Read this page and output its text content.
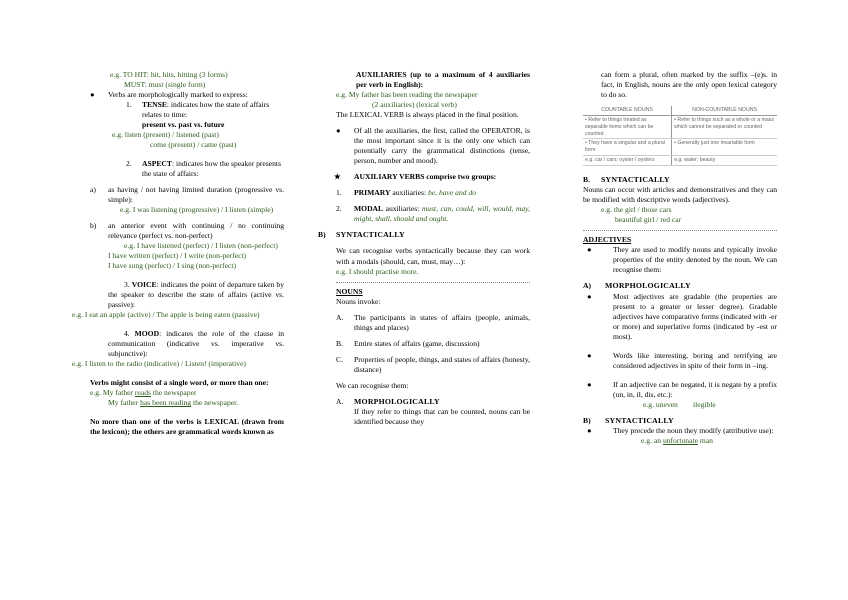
e.g. TO HIT: hit, hits, hitting (3 forms)
MUST: must (single form)
● Verbs are morphologically marked to express:
1. TENSE: indicates how the state of affairs relates to time:
present vs. past vs. future
e.g. listen (present) / listened (past)
come (present) / came (past)
2. ASPECT: indicates how the speaker presents the state of affairs:
a) as having / not having limited duration (progressive vs. simple):
e.g. I was listening (progressive) / I listen (simple)
b) an anterior event with continuing / no continuing relevance (perfect vs. non-perfect)
e.g. I have listened (perfect) / I listen (non-perfect)
I have written (perfect) / I write (non-perfect)
I have sung (perfect) / I sing (non-perfect)
3. VOICE: indicates the point of departure taken by the speaker to describe the state of affairs (active vs. passive):
e.g. I eat an apple (active) / The apple is being eaten (passive)
4. MOOD: indicates the role of the clause in communication (indicative vs. imperative vs. subjunctive):
e.g. I listen to the radio (indicative) / Listen! (imperative)
Verbs might consist of a single word, or more than one:
e.g. My father reads the newspaper
My father has been reading the newspaper.
No more than one of the verbs is LEXICAL (drawn from the lexicon); the others are grammatical words known as
AUXILIARIES (up to a maximum of 4 auxiliaries per verb in English):
e.g. My father has been reading the newspaper
(2 auxiliaries) (lexical verb)
The LEXICAL VERB is always placed in the final position.
● Of all the auxiliaries, the first, called the OPERATOR, is the most important since it is the only one which can potentially carry the grammatical distinctions (tense, person, number and mood).
★ AUXILIARY VERBS comprise two groups:
1. PRIMARY auxiliaries: be, have and do
2. MODAL auxiliaries: must, can, could, will, would, may, might, shall, should and ought.
B) SYNTACTICALLY
We can recognise verbs syntactically because they can work with a modals (should, can, must, may…):
e.g. I should practise more.
NOUNS
Nouns invoke:
A. The participants in states of affairs (people, animals, things and places)
B. Entire states of affairs (game, discussion)
C. Properties of people, things, and states of affairs (honesty, distance)
We can recognise them:
A. MORPHOLOGICALLY
If they refer to things that can be counted, nouns can be identified because they
can form a plural, often marked by the suffix –(e)s. in fact, in English, nouns are the only open lexical category to do so.
COUNTABLE NOUNS	NON-COUNTABLE NOUNS
• Refer to things treated as separable items which can be counted	• Refer to things such as a whole or a mass which cannot be separated or counted
• They have a singular and a plural form	• Generally just one invariable form
e.g. car / cars; oyster / oysters	e.g. water; beauty
B. SYNTACTICALLY
Nouns can occur with articles and demonstratives and they can be modified with descriptive words (adjectives).
e.g. the girl / those cars
beautiful girl / red car
ADJECTIVES
●	They are used to modify nouns and typically invoke properties of the entity denoted by the noun. We can recognise them:
A) MORPHOLOGICALLY
●	Most adjectives are gradable (the properties are present to a greater or lesser degree). Gradable adjectives have comparative forms (indicated with -er or more) and superlative forms (indicated by -est or most).
●	Words like interesting, boring and terrifying are considered adjectives in spite of their form in –ing.
●	If an adjective can be negated, it is negate by a prefix (un, in, il, dis, etc.):
e.g. uneven        ilegible
B) SYNTACTICALLY
●	They precede the noun they modify (attributive use):
e.g. an unfortunate man
